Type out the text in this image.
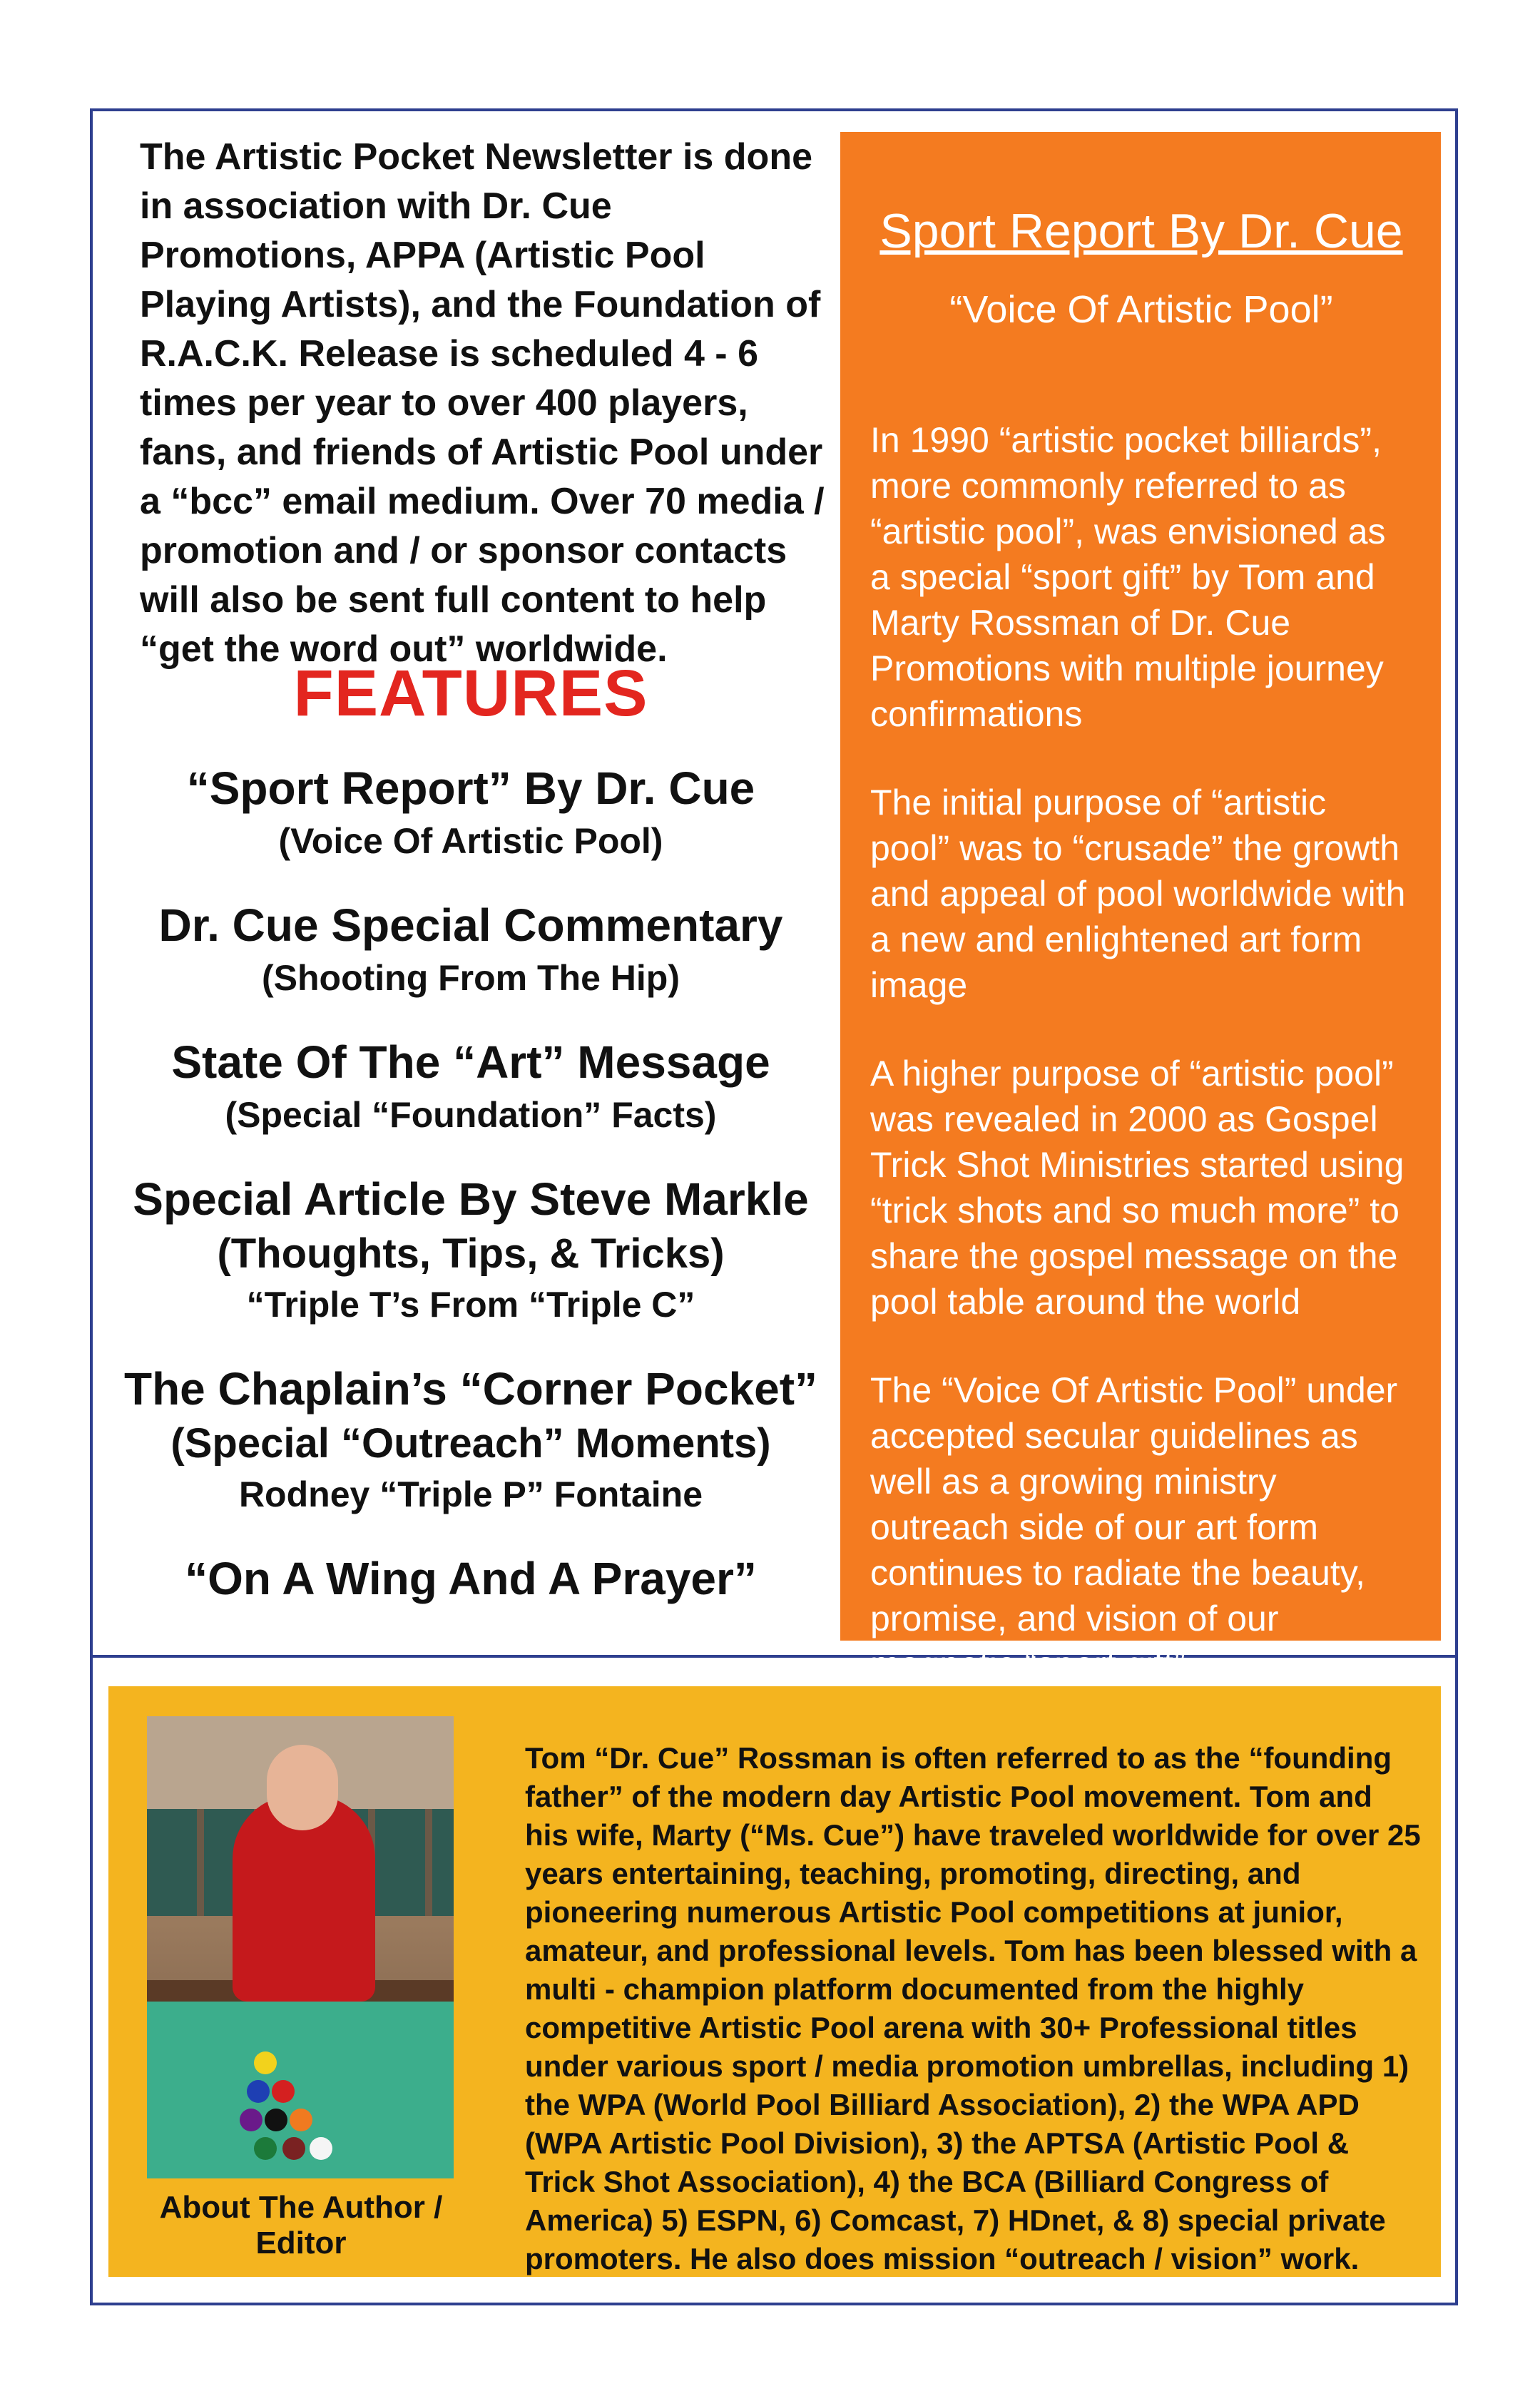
The Artistic Pocket Newsletter is done in association with Dr. Cue Promotions, APPA (Artistic Pool Playing Artists), and the Foundation of R.A.C.K. Release is scheduled 4 - 6 times per year to over 400 players, fans, and friends of Artistic Pool under a “bcc” email medium. Over 70 media / promotion and / or sponsor contacts will also be sent full content to help “get the word out” worldwide.

FEATURES
“Sport Report” By Dr. Cue
(Voice Of Artistic Pool)
Dr. Cue Special Commentary
(Shooting From The Hip)
State Of The “Art” Message
(Special “Foundation” Facts)
Special Article By Steve Markle
(Thoughts, Tips, & Tricks)
“Triple T’s From “Triple C”
The Chaplain’s “Corner Pocket”
(Special “Outreach” Moments)
Rodney “Triple P” Fontaine
“On A Wing And A Prayer”
Sport Report By Dr. Cue
“Voice Of Artistic Pool”

In 1990 “artistic pocket billiards”, more commonly referred to as “artistic pool”, was envisioned as a special “sport gift” by Tom and Marty Rossman of Dr. Cue Promotions with multiple journey confirmations

The initial purpose of “artistic pool” was to “crusade” the growth and appeal of pool worldwide with a new and enlightened art form image

A higher purpose of “artistic pool” was revealed in 2000 as Gospel Trick Shot Ministries started using “trick shots and so much more” to share the gospel message on the pool table around the world

The “Voice Of Artistic Pool” under accepted secular guidelines as well as a growing ministry outreach side of our art form continues to radiate the beauty, promise, and vision of our magnetic “sport gift”

About The Author / Editor
Tom “Dr. Cue” Rossman is often referred to as the “founding father” of the modern day Artistic Pool movement. Tom and his wife, Marty (“Ms. Cue”) have traveled worldwide for over 25 years entertaining, teaching, promoting, directing, and pioneering numerous Artistic Pool competitions at junior, amateur, and professional levels. Tom has been blessed with a multi - champion platform documented from the highly competitive Artistic Pool arena with 30+ Professional titles under various sport / media promotion umbrellas, including 1) the WPA (World Pool Billiard Association), 2) the WPA APD (WPA Artistic Pool Division), 3) the APTSA (Artistic Pool & Trick Shot Association), 4) the BCA (Billiard Congress of America) 5) ESPN, 6) Comcast, 7) HDnet, & 8) special private promoters. He also does mission “outreach / vision” work.
